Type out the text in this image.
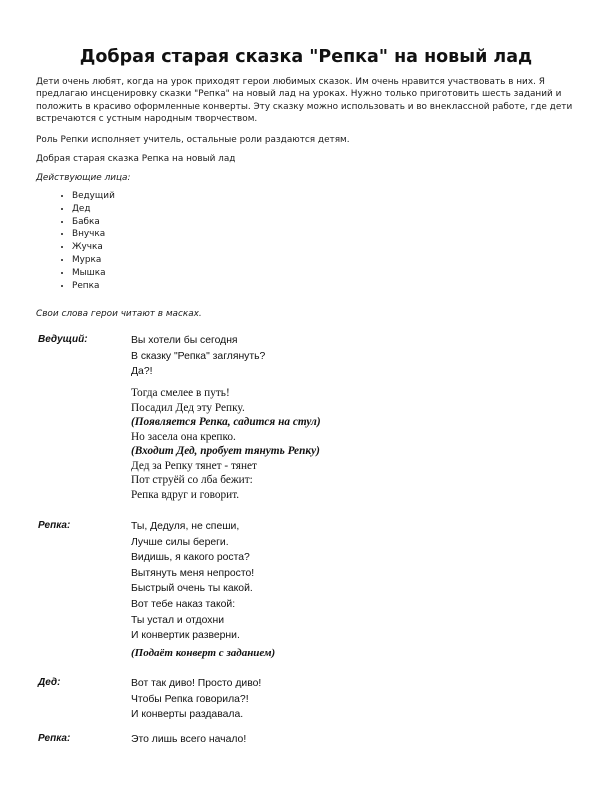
Добрая старая сказка "Репка" на новый лад
Дети очень любят, когда на урок приходят герои любимых сказок. Им очень нравится участвовать в них. Я предлагаю инсценировку сказки "Репка" на новый лад на уроках. Нужно только приготовить шесть заданий и положить в красиво оформленные конверты. Эту сказку можно использовать и во внеклассной работе, где дети встречаются с устным народным творчеством.
Роль Репки исполняет учитель, остальные роли раздаются детям.
Добрая старая сказка Репка на новый лад
Действующие лица:
• Ведущий
• Дед
• Бабка
• Внучка
• Жучка
• Мурка
• Мышка
• Репка
Свои слова герои читают в масках.
Ведущий:	Вы хотели бы сегодня
В сказку "Репка" заглянуть?
Да?!
Тогда смелее в путь!
Посадил Дед эту Репку.
(Появляется Репка, садится на стул)
Но засела она крепко.
(Входит Дед, пробует тянуть Репку)
Дед за Репку тянет - тянет
Пот струёй со лба бежит:
Репка вдруг и говорит.
Репка:	Ты, Дедуля, не спеши,
Лучше силы береги.
Видишь, я какого роста?
Вытянуть меня непросто!
Быстрый очень ты какой.
Вот тебе наказ такой:
Ты устал и отдохни
И конвертик разверни.
(Подаёт конверт с заданием)
Дед:	Вот так диво! Просто диво!
Чтобы Репка говорила?!
И конверты раздавала.
Репка:	Это лишь всего начало!
